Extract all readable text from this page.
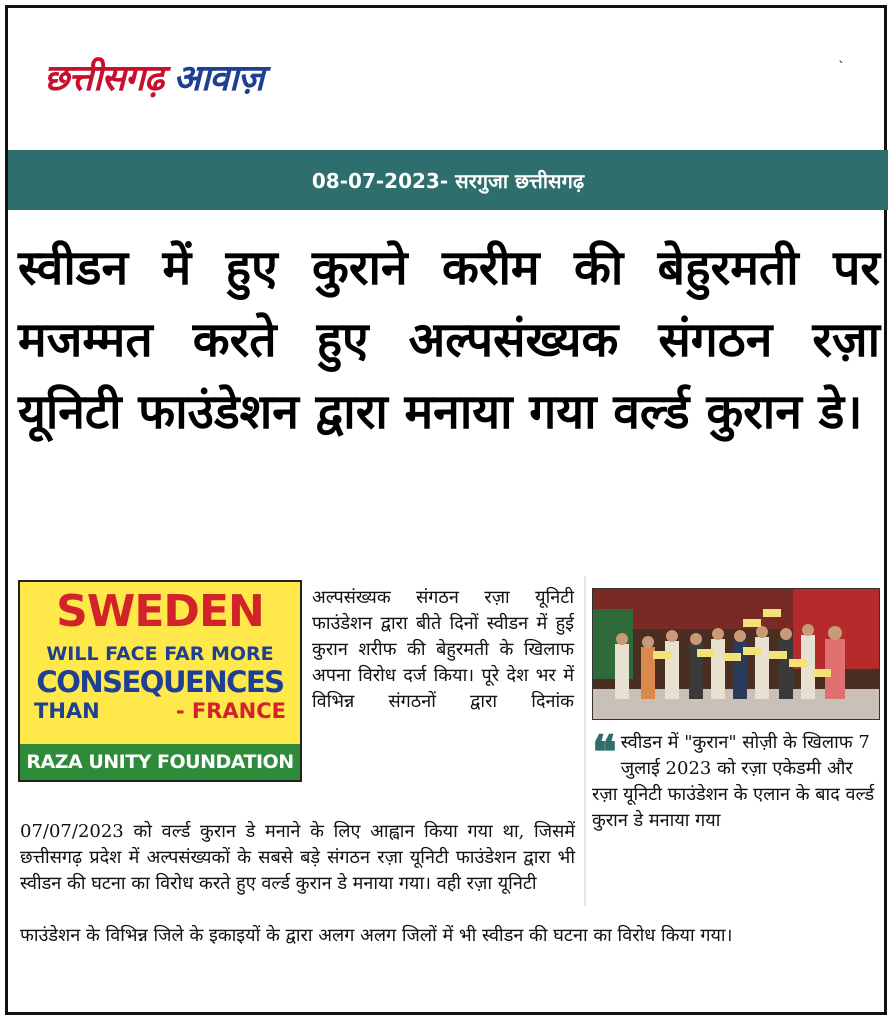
छत्तीसगढ़ आवाज़	`
08-07-2023- सरगुजा छत्तीसगढ़
स्वीडन में हुए कुराने करीम की बेहुरमती पर मजम्मत करते हुए अल्पसंख्यक संगठन रज़ा यूनिटी फाउंडेशन द्वारा मनाया गया वर्ल्ड कुरान डे।
SWEDEN
WILL FACE FAR MORE
CONSEQUENCES
THAN	- FRANCE
RAZA UNITY FOUNDATION
अल्पसंख्यक संगठन रज़ा यूनिटी फाउंडेशन द्वारा बीते दिनों स्वीडन में हुई कुरान शरीफ की बेहुरमती के खिलाफ अपना विरोध दर्ज किया। पूरे देश भर में विभिन्न संगठनों द्वारा दिनांक
❝ स्वीडन में "कुरान" सोज़ी के खिलाफ 7 जुलाई 2023 को रज़ा एकेडमी और रज़ा यूनिटी फाउंडेशन के एलान के बाद वर्ल्ड कुरान डे मनाया गया
07/07/2023 को वर्ल्ड कुरान डे मनाने के लिए आह्वान किया गया था, जिसमें छत्तीसगढ़ प्रदेश में अल्पसंख्यकों के सबसे बड़े संगठन रज़ा यूनिटी फाउंडेशन द्वारा भी स्वीडन की घटना का विरोध करते हुए वर्ल्ड कुरान डे मनाया गया। वही रज़ा यूनिटी
फाउंडेशन के विभिन्न जिले के इकाइयों के द्वारा अलग अलग जिलों में भी स्वीडन की घटना का विरोध किया गया।
